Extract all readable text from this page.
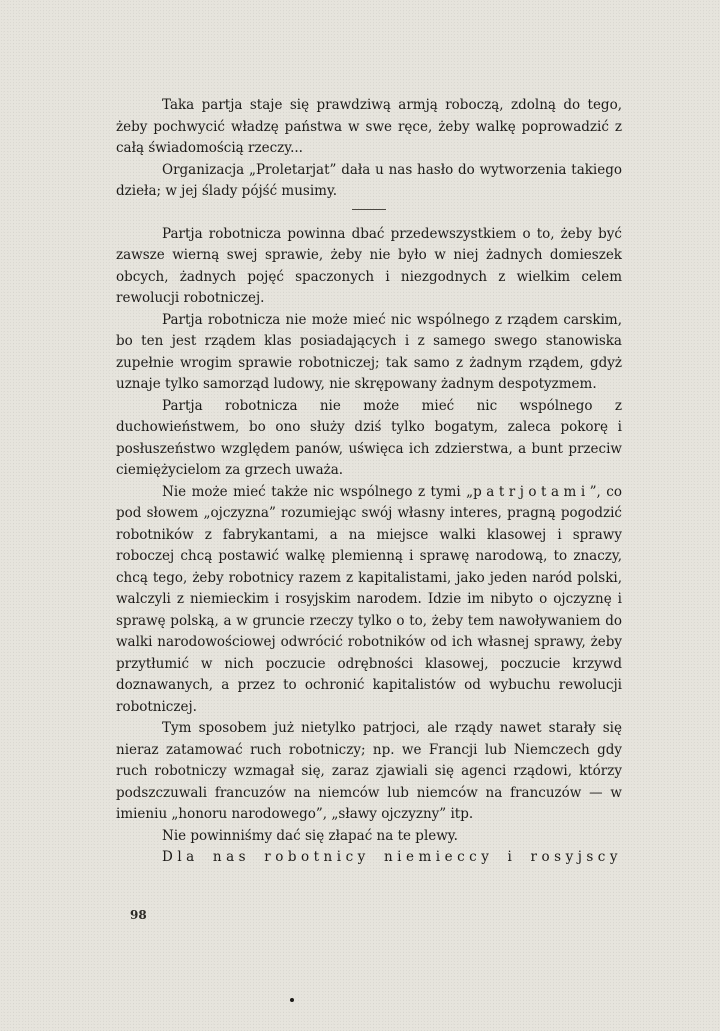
Taka partja staje się prawdziwą armją roboczą, zdolną do tego, żeby pochwycić władzę państwa w swe ręce, żeby walkę poprowadzić z całą świadomością rzeczy...

Organizacja „Proletarjat” dała u nas hasło do wytworzenia takiego dzieła; w jej ślady pójść musimy.

Partja robotnicza powinna dbać przedewszystkiem o to, żeby być zawsze wierną swej sprawie, żeby nie było w niej żadnych domieszek obcych, żadnych pojęć spaczonych i niezgodnych z wielkim celem rewolucji robotniczej.

Partja robotnicza nie może mieć nic wspólnego z rządem carskim, bo ten jest rządem klas posiadających i z samego swego stanowiska zupełnie wrogim sprawie robotniczej; tak samo z żadnym rządem, gdyż uznaje tylko samorząd ludowy, nie skrępowany żadnym despotyzmem.

Partja robotnicza nie może mieć nic wspólnego z duchowieństwem, bo ono służy dziś tylko bogatym, zaleca pokorę i posłuszeństwo względem panów, uświęca ich zdzierstwa, a bunt przeciw ciemiężycielom za grzech uważa.

Nie może mieć także nic wspólnego z tymi „patrjotami”, co pod słowem „ojczyzna” rozumiejąc swój własny interes, pragną pogodzić robotników z fabrykantami, a na miejsce walki klasowej i sprawy roboczej chcą postawić walkę plemienną i sprawę narodową, to znaczy, chcą tego, żeby robotnicy razem z kapitalistami, jako jeden naród polski, walczyli z niemieckim i rosyjskim narodem. Idzie im nibyto o ojczyznę i sprawę polską, a w gruncie rzeczy tylko o to, żeby tem nawoływaniem do walki narodowościowej odwrócić robotników od ich własnej sprawy, żeby przytłumić w nich poczucie odrębności klasowej, poczucie krzywd doznawanych, a przez to ochronić kapitalistów od wybuchu rewolucji robotniczej.

Tym sposobem już nietylko patrjoci, ale rządy nawet starały się nieraz zatamować ruch robotniczy; np. we Francji lub Niemczech gdy ruch robotniczy wzmagał się, zaraz zjawiali się agenci rządowi, którzy podszczuwali francuzów na niemców lub niemców na francuzów — w imieniu „honoru narodowego”, „sławy ojczyzny” itp.

Nie powinniśmy dać się złapać na te plewy.

Dla nas robotnicy niemieccy i rosyjscy

98
